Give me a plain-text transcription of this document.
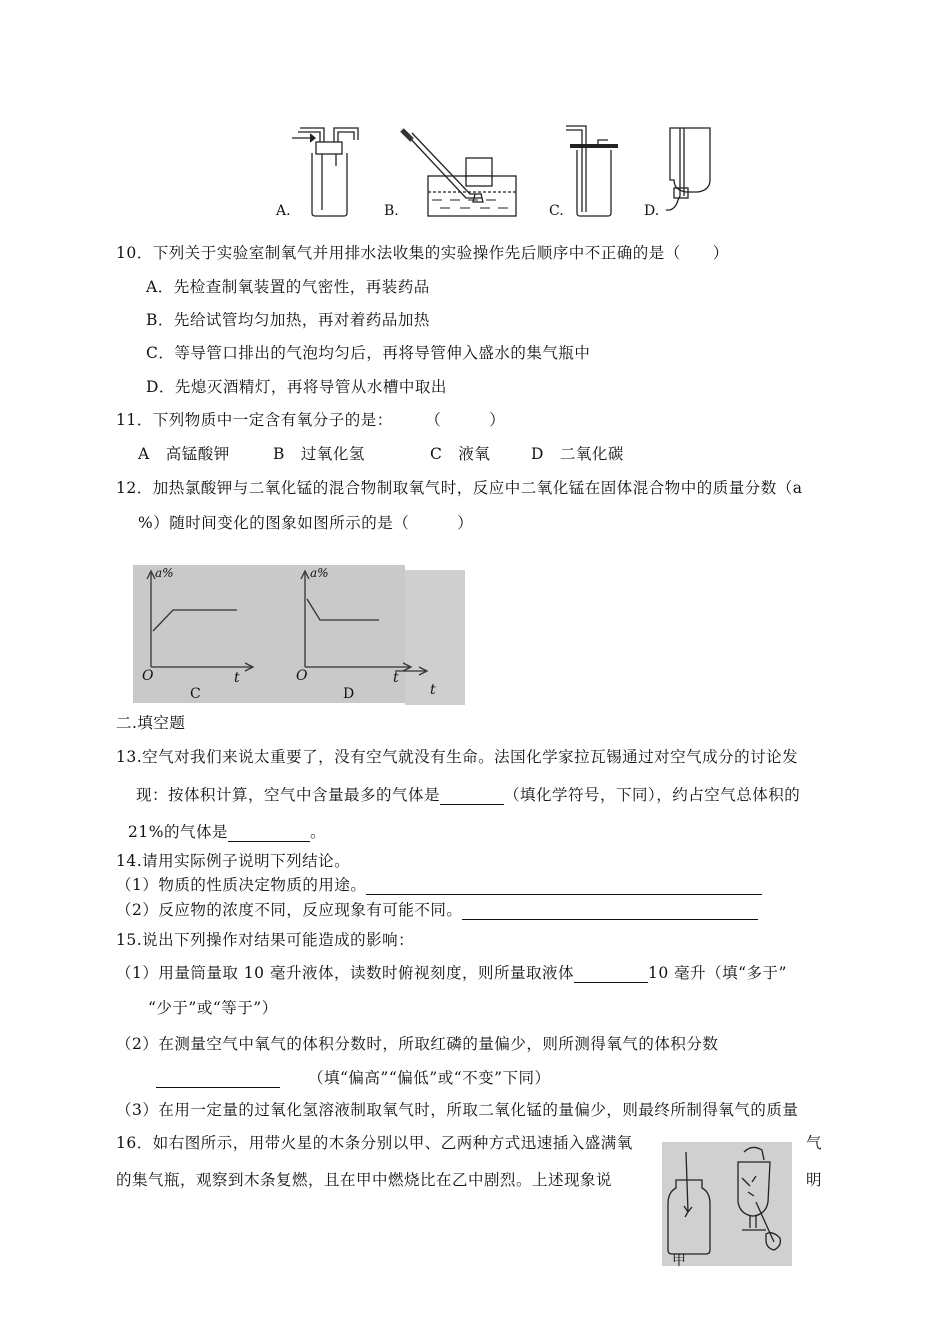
A.	B.	C.	D.
10．下列关于实验室制氧气并用排水法收集的实验操作先后顺序中不正确的是（　　）
A．先检查制氧装置的气密性，再装药品
B．先给试管均匀加热，再对着药品加热
C．等导管口排出的气泡均匀后，再将导管伸入盛水的集气瓶中
D．先熄灭酒精灯，再将导管从水槽中取出
11．下列物质中一定含有氧分子的是：　　　（　　　）
A　高锰酸钾	B　过氧化氢	C　液氧	D　二氧化碳
12．加热氯酸钾与二氧化锰的混合物制取氧气时，反应中二氧化锰在固体混合物中的质量分数（a
%）随时间变化的图象如图所示的是（　　　）
a%	a%
O	O
t	t
t
C	D
二.填空题
13.空气对我们来说太重要了，没有空气就没有生命。法国化学家拉瓦锡通过对空气成分的讨论发
现：按体积计算，空气中含量最多的气体是	（填化学符号，下同），约占空气总体积的
21%的气体是	。
14.请用实际例子说明下列结论。
（1）物质的性质决定物质的用途。
（2）反应物的浓度不同，反应现象有可能不同。
15.说出下列操作对结果可能造成的影响：
（1）用量筒量取 10 毫升液体，读数时俯视刻度，则所量取液体	10 毫升（填“多于”
“少于”或“等于”）
（2）在测量空气中氧气的体积分数时，所取红磷的量偏少，则所测得氧气的体积分数
（填“偏高”“偏低”或“不变”下同）
（3）在用一定量的过氧化氢溶液制取氧气时，所取二氧化锰的量偏少，则最终所制得氧气的质量
16．如右图所示，用带火星的木条分别以甲、乙两种方式迅速插入盛满氧	气
的集气瓶，观察到木条复燃，且在甲中燃烧比在乙中剧烈。上述现象说	明
甲
